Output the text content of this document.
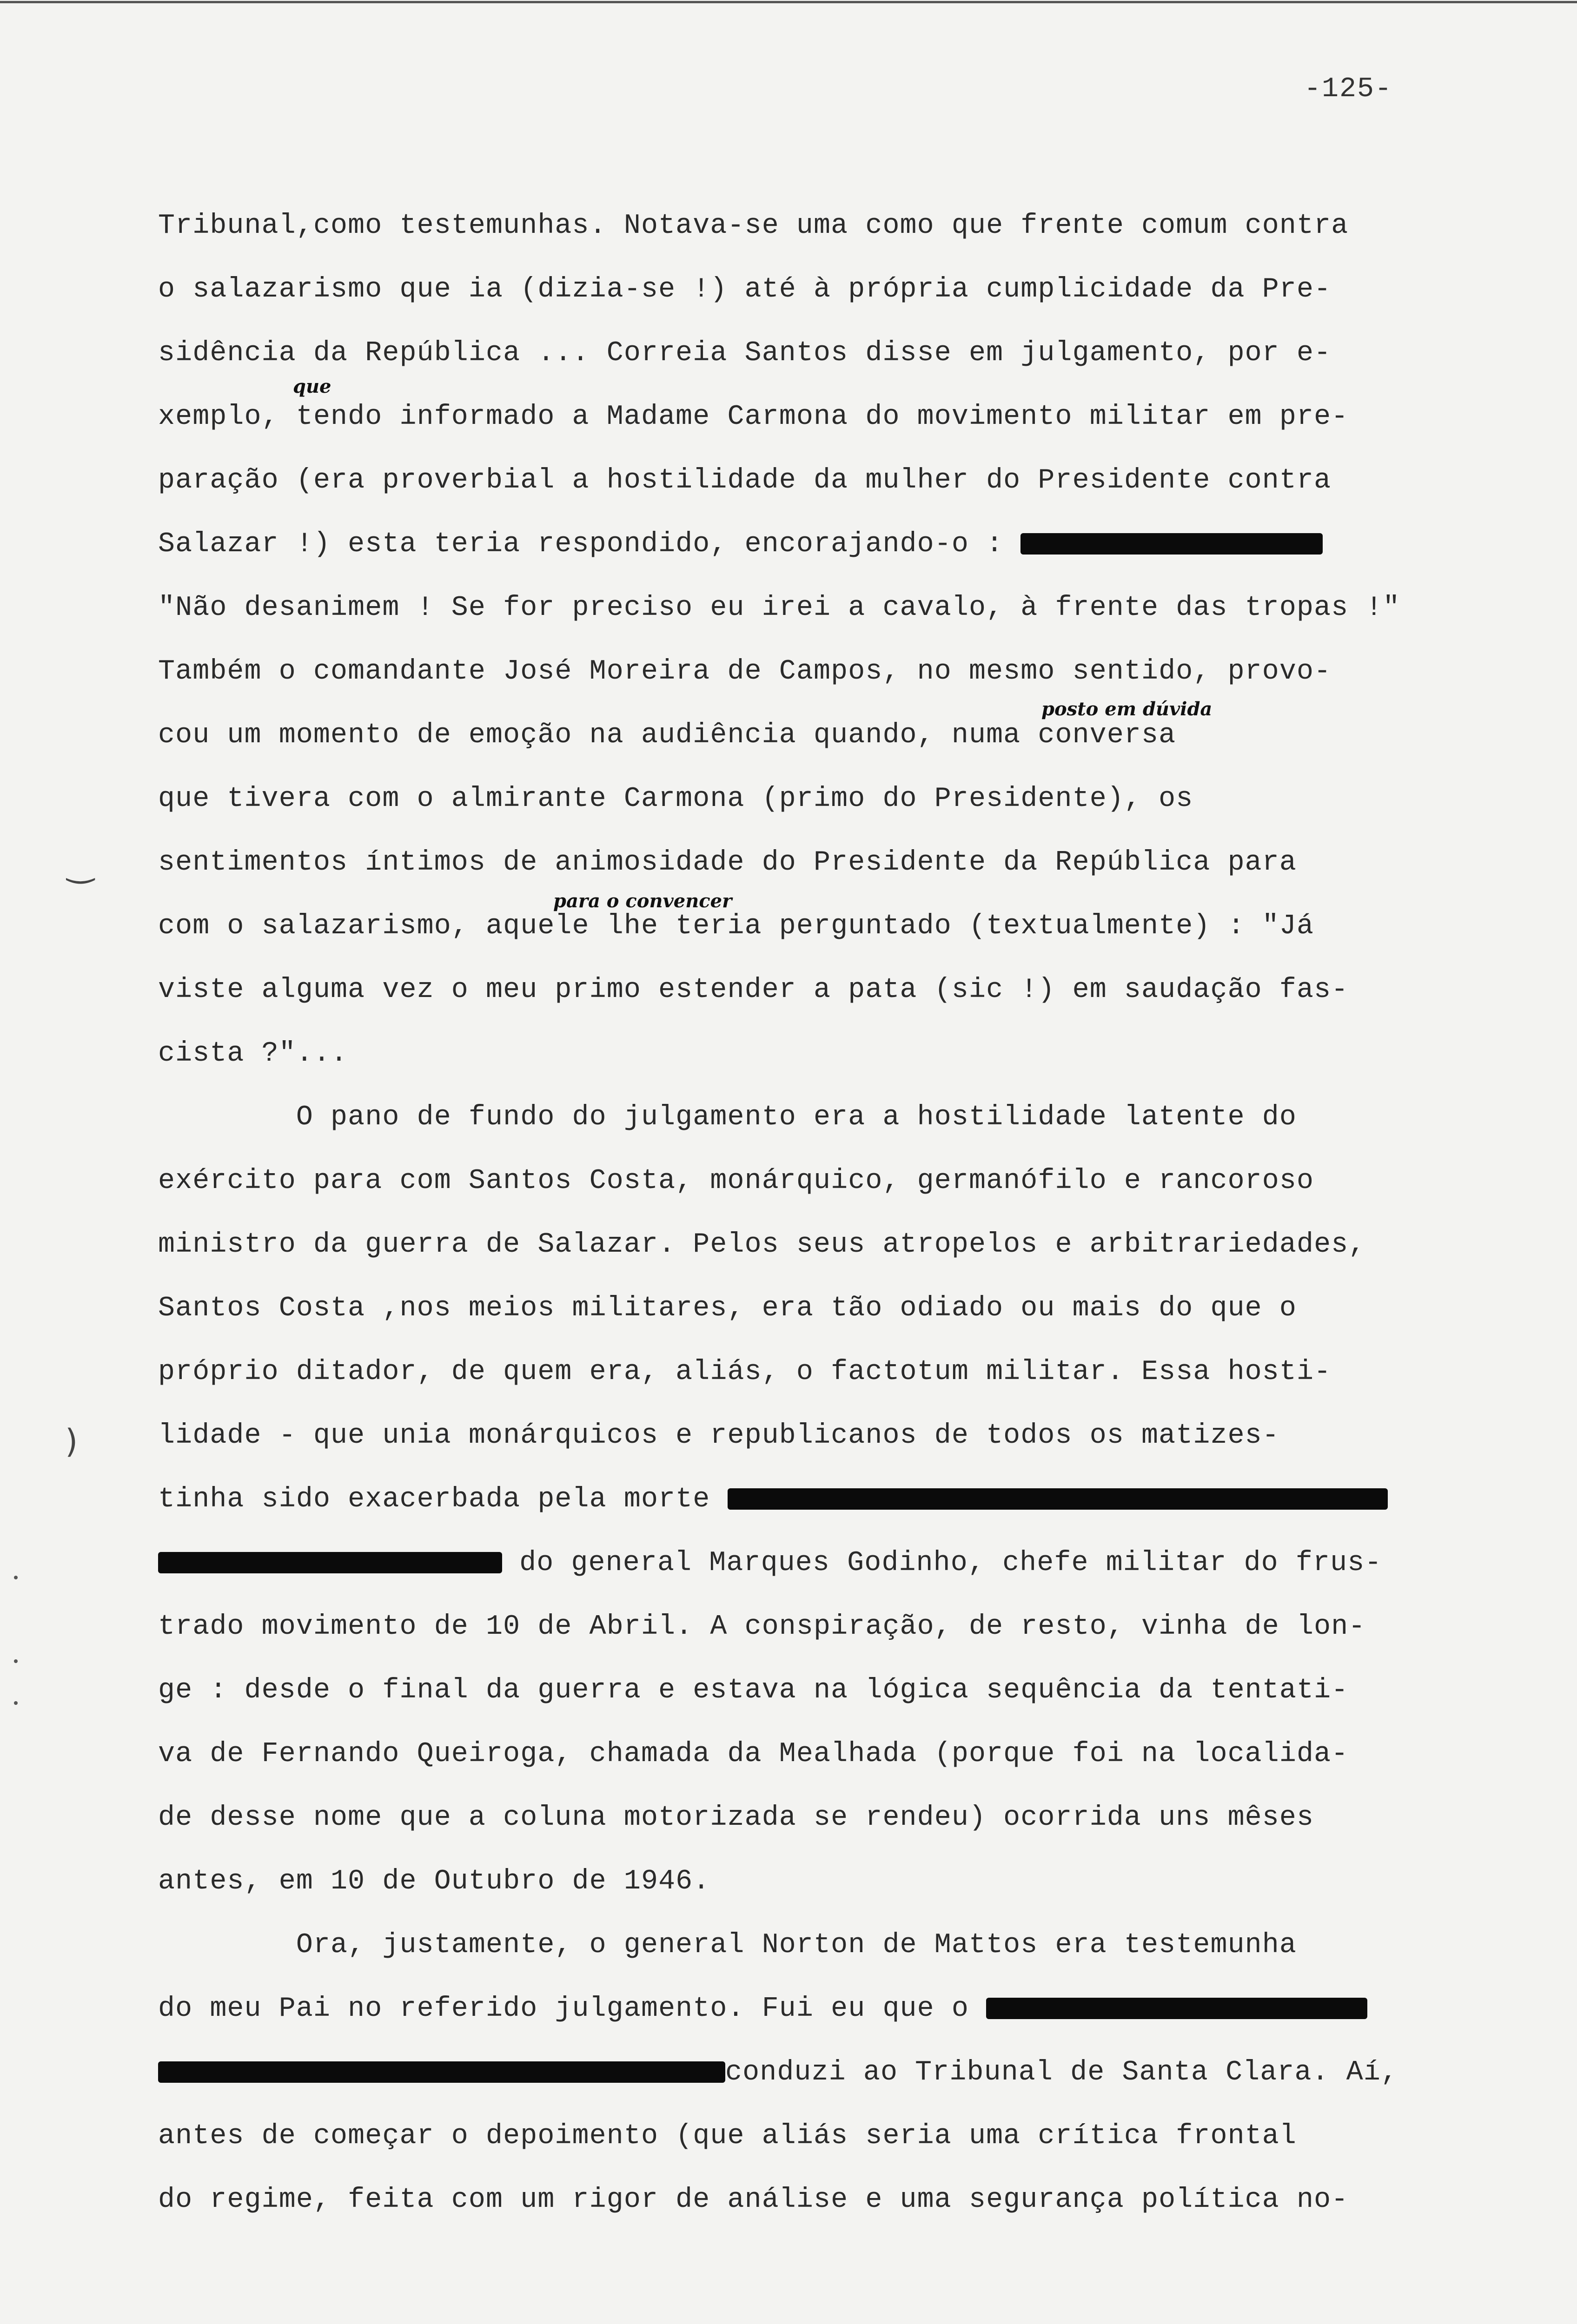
-125-
que
posto em dúvida
para o convencer
‿
)
Tribunal,como testemunhas. Notava-se uma como que frente comum contra
o salazarismo que ia (dizia-se !) até à própria cumplicidade da Pre-
sidência da República ... Correia Santos disse em julgamento, por e-
xemplo, tendo informado a Madame Carmona do movimento militar em pre-
paração (era proverbial a hostilidade da mulher do Presidente contra
Salazar !) esta teria respondido, encorajando-o :
"Não desanimem ! Se for preciso eu irei a cavalo, à frente das tropas !"
Também o comandante José Moreira de Campos, no mesmo sentido, provo-
cou um momento de emoção na audiência quando, numa conversa
que tivera com o almirante Carmona (primo do Presidente), os
sentimentos íntimos de animosidade do Presidente da República para
com o salazarismo, aquele lhe teria perguntado (textualmente) : "Já
viste alguma vez o meu primo estender a pata (sic !) em saudação fas-
cista ?"...
O pano de fundo do julgamento era a hostilidade latente do
exército para com Santos Costa, monárquico, germanófilo e rancoroso
ministro da guerra de Salazar. Pelos seus atropelos e arbitrariedades,
Santos Costa ,nos meios militares, era tão odiado ou mais do que o
próprio ditador, de quem era, aliás, o factotum militar. Essa hosti-
lidade - que unia monárquicos e republicanos de todos os matizes-
tinha sido exacerbada pela morte
do general Marques Godinho, chefe militar do frus-
trado movimento de 10 de Abril. A conspiração, de resto, vinha de lon-
ge : desde o final da guerra e estava na lógica sequência da tentati-
va de Fernando Queiroga, chamada da Mealhada (porque foi na localida-
de desse nome que a coluna motorizada se rendeu) ocorrida uns mêses
antes, em 10 de Outubro de 1946.
Ora, justamente, o general Norton de Mattos era testemunha
do meu Pai no referido julgamento. Fui eu que o
conduzi ao Tribunal de Santa Clara. Aí,
antes de começar o depoimento (que aliás seria uma crítica frontal
do regime, feita com um rigor de análise e uma segurança política no-
